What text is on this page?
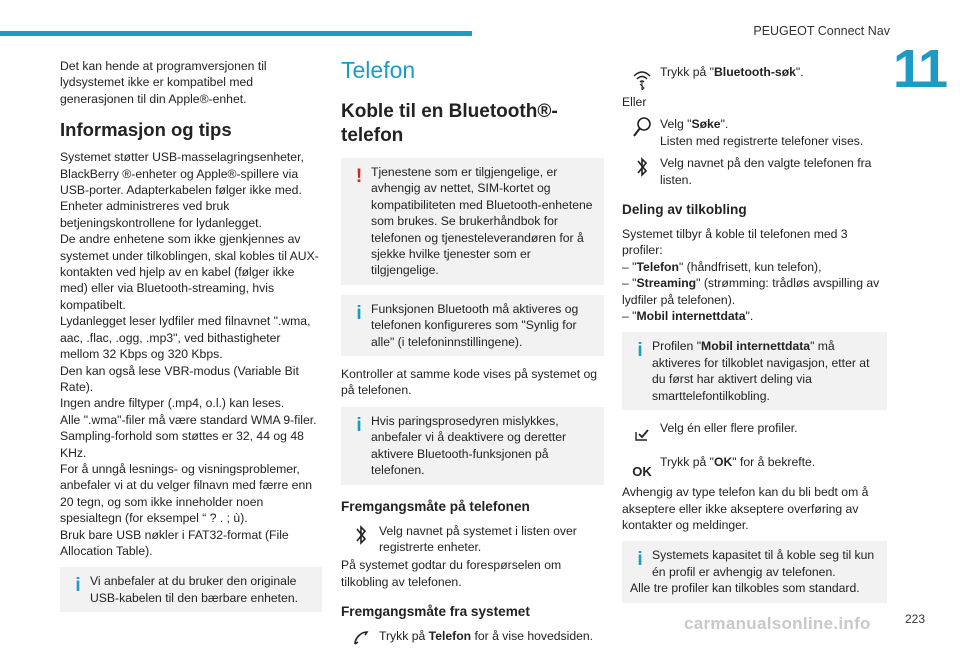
PEUGEOT Connect Nav
11

Det kan hende at programversjonen til lydsystemet ikke er kompatibel med generasjonen til din Apple®-enhet.

Informasjon og tips

Systemet støtter USB-masselagringsenheter, BlackBerry ®-enheter og Apple®-spillere via USB-porter. Adapterkabelen følger ikke med.

Enheter administreres ved bruk betjeningskontrollene for lydanlegget.

De andre enhetene som ikke gjenkjennes av systemet under tilkoblingen, skal kobles til AUX-kontakten ved hjelp av en kabel (følger ikke med) eller via Bluetooth-streaming, hvis kompatibelt.

Lydanlegget leser lydfiler med filnavnet ".wma, aac, .flac, .ogg, .mp3", ved bithastigheter mellom 32 Kbps og 320 Kbps.

Den kan også lese VBR-modus (Variable Bit Rate).

Ingen andre filtyper (.mp4, o.l.) kan leses.

Alle ".wma"-filer må være standard WMA 9-filer.

Sampling-forhold som støttes er 32, 44 og 48 KHz.

For å unngå lesnings- og visningsproblemer, anbefaler vi at du velger filnavn med færre enn 20 tegn, og som ikke inneholder noen spesialtegn (for eksempel “ ? . ; ù).

Bruk bare USB nøkler i FAT32-format (File Allocation Table).

i Vi anbefaler at du bruker den originale USB-kabelen til den bærbare enheten.
Telefon
Koble til en Bluetooth®-telefon
! Tjenestene som er tilgjengelige, er avhengig av nettet, SIM-kortet og kompatibiliteten med Bluetooth-enhetene som brukes. Se brukerhåndbok for telefonen og tjenesteleverandøren for å sjekke hvilke tjenester som er tilgjengelige.
i Funksjonen Bluetooth må aktiveres og telefonen konfigureres som "Synlig for alle" (i telefoninnstillingene).

Kontroller at samme kode vises på systemet og på telefonen.

i Hvis paringsprosedyren mislykkes, anbefaler vi å deaktivere og deretter aktivere Bluetooth-funksjonen på telefonen.
Fremgangsmåte på telefonen
Velg navnet på systemet i listen over registrerte enheter.

På systemet godtar du forespørselen om tilkobling av telefonen.

Fremgangsmåte fra systemet
Trykk på Telefon for å vise hovedsiden.
Trykk på "Bluetooth-søk".

Eller

Velg "Søke".

Listen med registrerte telefoner vises.

Velg navnet på den valgte telefonen fra listen.
Deling av tilkobling

Systemet tilbyr å koble til telefonen med 3 profiler:

– "Telefon" (håndfrisett, kun telefon),

– "Streaming" (strømming: trådløs avspilling av lydfiler på telefonen).

– "Mobil internettdata".

i Profilen "Mobil internettdata" må aktiveres for tilkoblet navigasjon, etter at du først har aktivert deling via smarttelefontilkobling.
Velg én eller flere profiler.
$_{OK}$
Trykk på "OK" for å bekrefte.

Avhengig av type telefon kan du bli bedt om å akseptere eller ikke akseptere overføring av kontakter og meldinger.

i Systemets kapasitet til å koble seg til kun én profil er avhengig av telefonen.
Alle tre profiler kan tilkobles som standard.
carmanualsonline.info	223
